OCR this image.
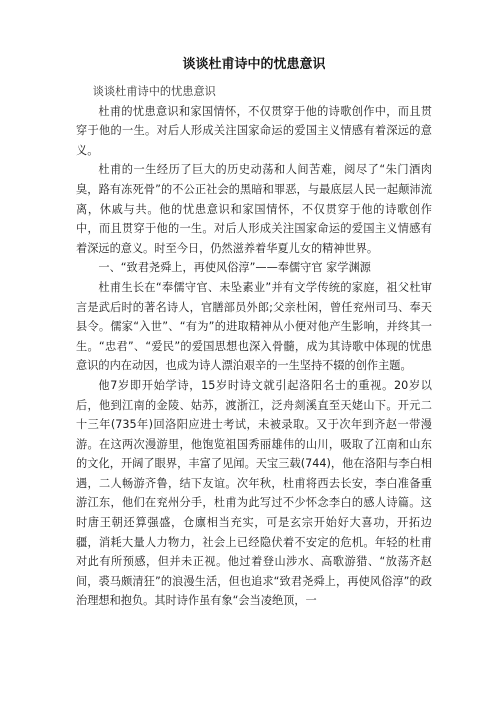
谈谈杜甫诗中的忧患意识

谈谈杜甫诗中的忧患意识

杜甫的忧患意识和家国情怀，不仅贯穿于他的诗歌创作中，而且贯穿于他的一生。对后人形成关注国家命运的爱国主义情感有着深远的意义。

杜甫的一生经历了巨大的历史动荡和人间苦难，阅尽了“朱门酒肉臭，路有冻死骨”的不公正社会的黑暗和罪恶，与最底层人民一起颠沛流离，休戚与共。他的忧患意识和家国情怀，不仅贯穿于他的诗歌创作中，而且贯穿于他的一生。对后人形成关注国家命运的爱国主义情感有着深远的意义。时至今日，仍然滋养着华夏儿女的精神世界。

一、“致君尧舜上，再使风俗淳”——奉儒守官 家学渊源

杜甫生长在“奉儒守官、未坠素业”并有文学传统的家庭，祖父杜审言是武后时的著名诗人，官膳部员外郎;父亲杜闲，曾任兖州司马、奉天县令。儒家“入世”、“有为”的进取精神从小便对他产生影响，并终其一生。“忠君”、“爱民”的爱国思想也深入骨髓，成为其诗歌中体现的忧患意识的内在动因，也成为诗人漂泊艰辛的一生坚持不辍的创作主题。

他7岁即开始学诗，15岁时诗文就引起洛阳名士的重视。20岁以后，他到江南的金陵、姑苏，渡浙江，泛舟剡溪直至天姥山下。开元二十三年(735年)回洛阳应进士考试，未被录取。又于次年到齐赵一带漫游。在这两次漫游里，他饱览祖国秀丽雄伟的山川，吸取了江南和山东的文化，开阔了眼界，丰富了见闻。天宝三载(744)，他在洛阳与李白相遇，二人畅游齐鲁，结下友谊。次年秋，杜甫将西去长安，李白准备重游江东，他们在兖州分手，杜甫为此写过不少怀念李白的感人诗篇。这时唐王朝还算强盛，仓廪相当充实，可是玄宗开始好大喜功，开拓边疆，消耗大量人力物力，社会上已经隐伏着不安定的危机。年轻的杜甫对此有所预感，但并未正视。他过着登山涉水、高歌游猎、“放荡齐赵间，裘马颇清狂”的浪漫生活，但也追求“致君尧舜上，再使风俗淳”的政治理想和抱负。其时诗作虽有象“会当凌绝顶，一
